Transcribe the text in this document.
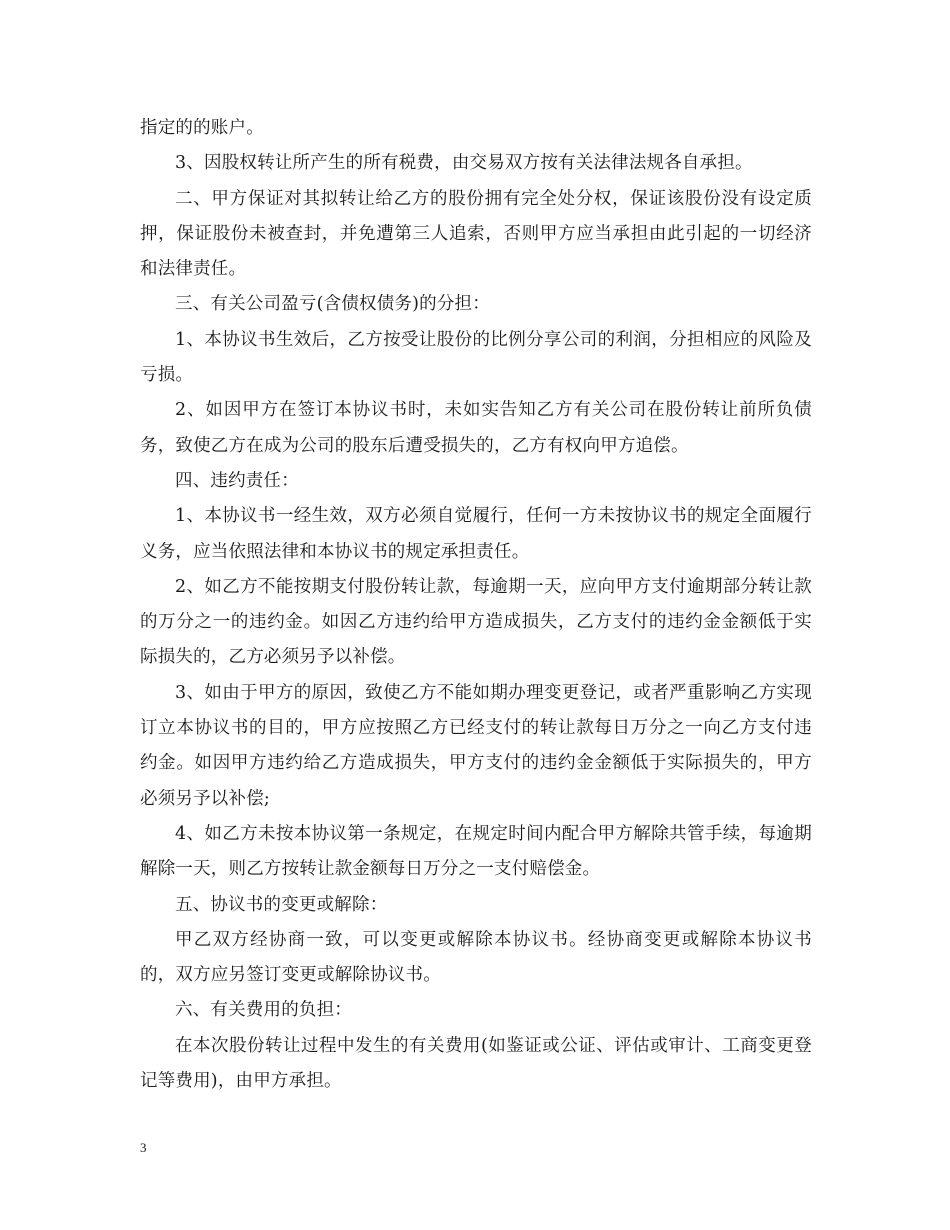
指定的的账户。

3、因股权转让所产生的所有税费，由交易双方按有关法律法规各自承担。

二、甲方保证对其拟转让给乙方的股份拥有完全处分权，保证该股份没有设定质押，保证股份未被查封，并免遭第三人追索，否则甲方应当承担由此引起的一切经济和法律责任。

三、有关公司盈亏(含债权债务)的分担：

1、本协议书生效后，乙方按受让股份的比例分享公司的利润，分担相应的风险及亏损。

2、如因甲方在签订本协议书时，未如实告知乙方有关公司在股份转让前所负债务，致使乙方在成为公司的股东后遭受损失的，乙方有权向甲方追偿。

四、违约责任：

1、本协议书一经生效，双方必须自觉履行，任何一方未按协议书的规定全面履行义务，应当依照法律和本协议书的规定承担责任。

2、如乙方不能按期支付股份转让款，每逾期一天，应向甲方支付逾期部分转让款的万分之一的违约金。如因乙方违约给甲方造成损失，乙方支付的违约金金额低于实际损失的，乙方必须另予以补偿。

3、如由于甲方的原因，致使乙方不能如期办理变更登记，或者严重影响乙方实现订立本协议书的目的，甲方应按照乙方已经支付的转让款每日万分之一向乙方支付违约金。如因甲方违约给乙方造成损失，甲方支付的违约金金额低于实际损失的，甲方必须另予以补偿;

4、如乙方未按本协议第一条规定，在规定时间内配合甲方解除共管手续，每逾期解除一天，则乙方按转让款金额每日万分之一支付赔偿金。

五、协议书的变更或解除：

甲乙双方经协商一致，可以变更或解除本协议书。经协商变更或解除本协议书的，双方应另签订变更或解除协议书。

六、有关费用的负担：

在本次股份转让过程中发生的有关费用(如鉴证或公证、评估或审计、工商变更登记等费用)，由甲方承担。

3
